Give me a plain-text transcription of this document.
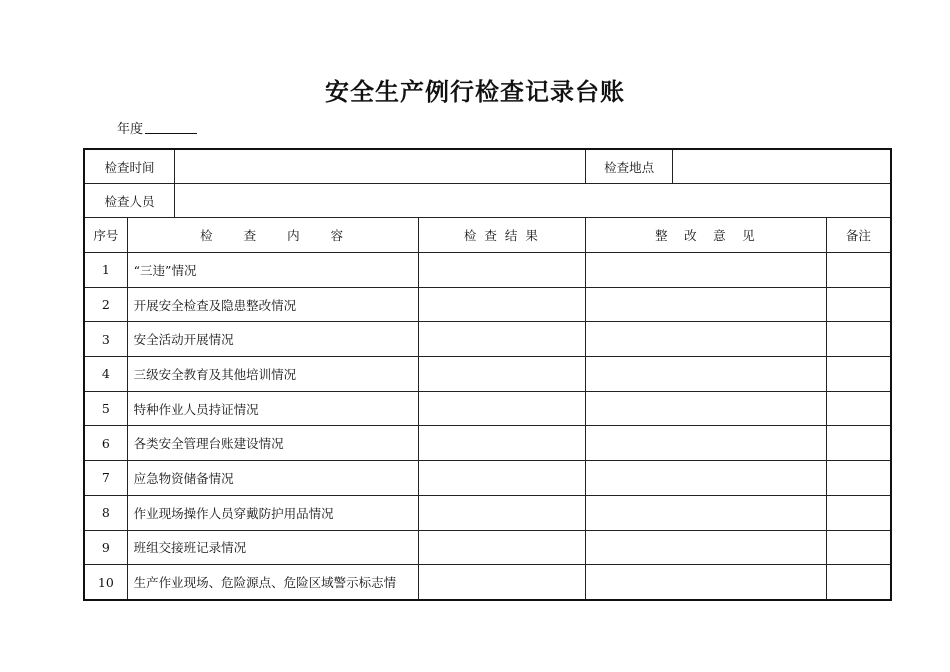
安全生产例行检查记录台账
年度
检查时间				检查地点	

检查人员					
序号	检　　查　　内　　容		检 查 结 果	整　改　意　见	备注
1	“三违”情况				
2	开展安全检查及隐患整改情况				
3	安全活动开展情况				
4	三级安全教育及其他培训情况				
5	特种作业人员持证情况				
6	各类安全管理台账建设情况				
7	应急物资储备情况				
8	作业现场操作人员穿戴防护用品情况				
9	班组交接班记录情况				
10	生产作业现场、危险源点、危险区域警示标志情				
